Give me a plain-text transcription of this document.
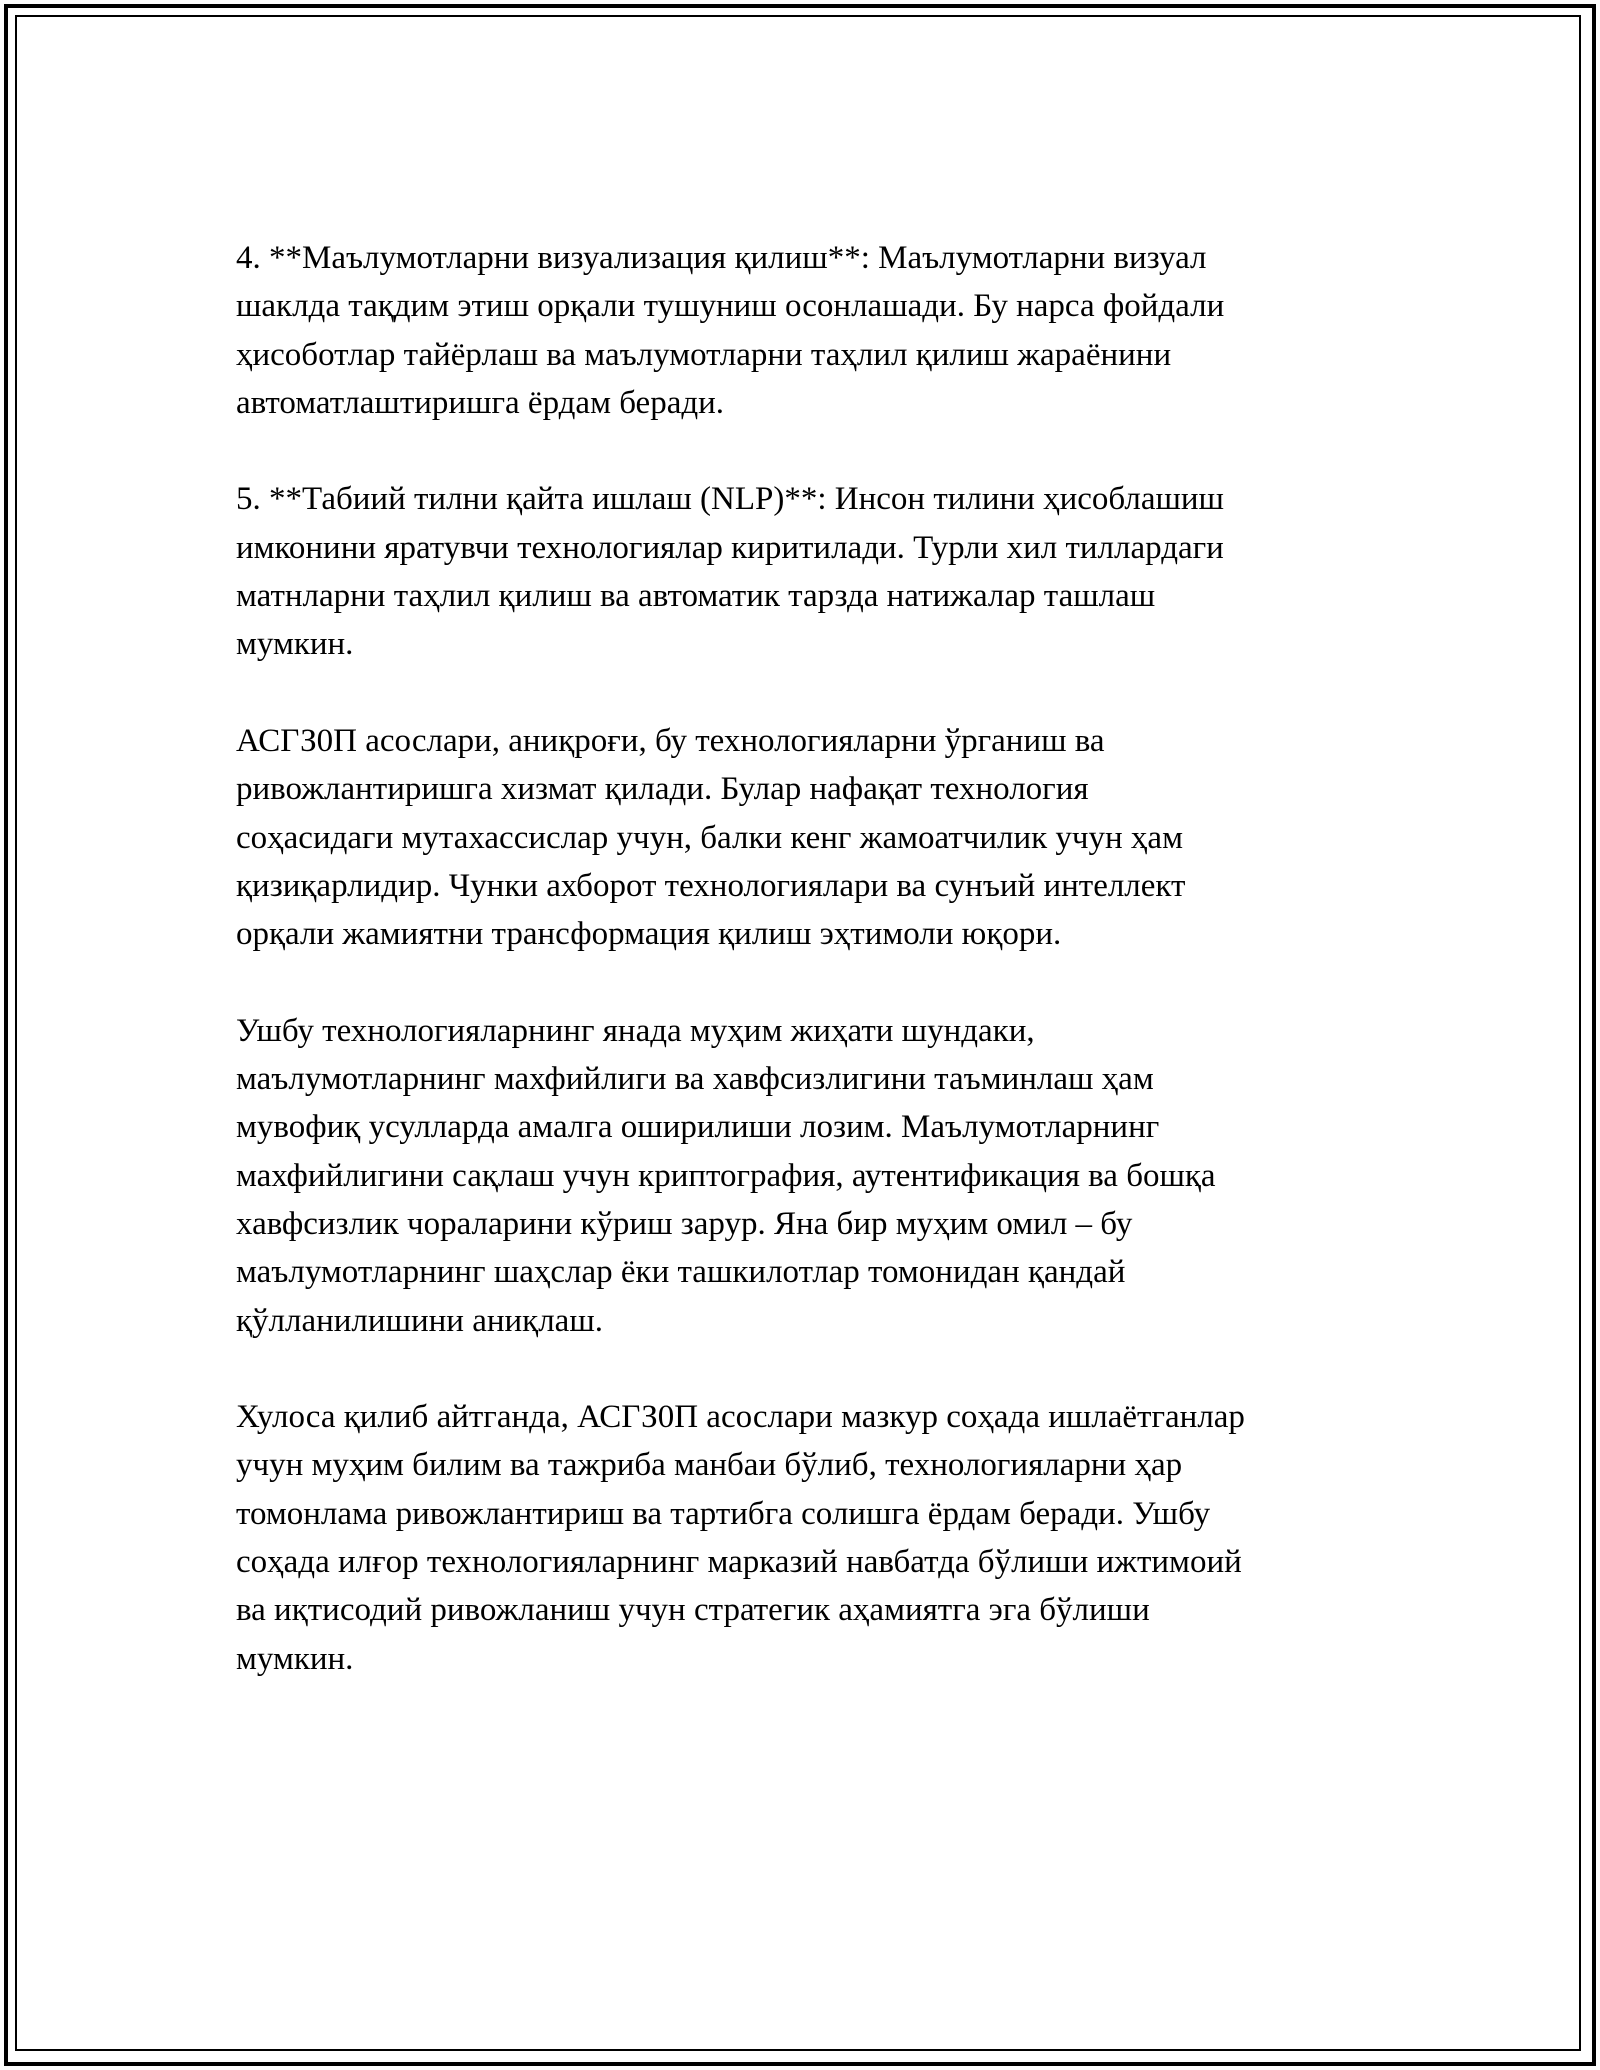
4. **Маълумотларни визуализация қилиш**: Маълумотларни визуал
шаклда тақдим этиш орқали тушуниш осонлашади. Бу нарса фойдали
ҳисоботлар тайёрлаш ва маълумотларни таҳлил қилиш жараёнини
автоматлаштиришга ёрдам беради.

5. **Табиий тилни қайта ишлаш (NLP)**: Инсон тилини ҳисоблашиш
имконини яратувчи технологиялар киритилади. Турли хил тиллардаги
матнларни таҳлил қилиш ва автоматик тарзда натижалар ташлаш
мумкин.

АСГЗ0П асослари, аниқроғи, бу технологияларни ўрганиш ва
ривожлантиришга хизмат қилади. Булар нафақат технология
соҳасидаги мутахассислар учун, балки кенг жамоатчилик учун ҳам
қизиқарлидир. Чунки ахборот технологиялари ва сунъий интеллект
орқали жамиятни трансформация қилиш эҳтимоли юқори.

Ушбу технологияларнинг янада муҳим жиҳати шундаки,
маълумотларнинг махфийлиги ва хавфсизлигини таъминлаш ҳам
мувофиқ усулларда амалга оширилиши лозим. Маълумотларнинг
махфийлигини сақлаш учун криптография, аутентификация ва бошқа
хавфсизлик чораларини кўриш зарур. Яна бир муҳим омил – бу
маълумотларнинг шаҳслар ёки ташкилотлар томонидан қандай
қўлланилишини аниқлаш.

Хулоса қилиб айтганда, АСГЗ0П асослари мазкур соҳада ишлаётганлар
учун муҳим билим ва тажриба манбаи бўлиб, технологияларни ҳар
томонлама ривожлантириш ва тартибга солишга ёрдам беради. Ушбу
соҳада илғор технологияларнинг марказий навбатда бўлиши ижтимоий
ва иқтисодий ривожланиш учун стратегик аҳамиятга эга бўлиши
мумкин.
